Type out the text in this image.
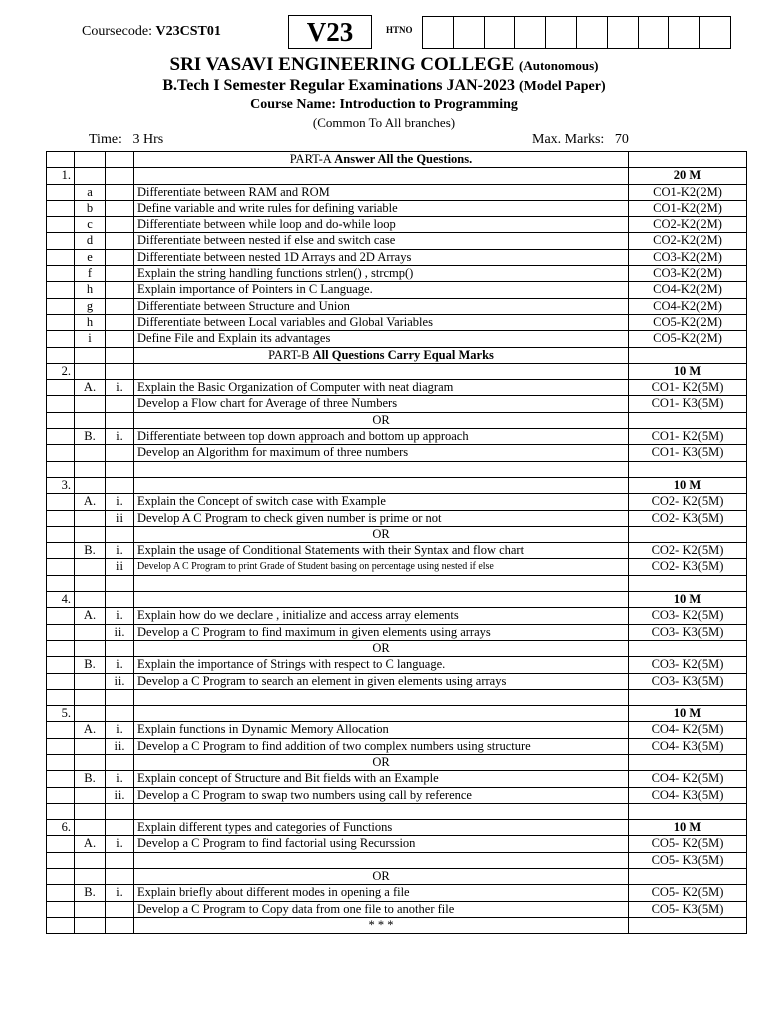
Coursecode: V23CST01	V23	HTNO
SRI VASAVI ENGINEERING COLLEGE (Autonomous)
B.Tech I Semester Regular Examinations JAN-2023 (Model Paper)
Course Name: Introduction to Programming
(Common To All branches)
Time: 3 Hrs	Max. Marks: 70
			PART-A Answer All the Questions.	
1.				20 M
	a		Differentiate between RAM and ROM	CO1-K2(2M)
	b		Define variable and write rules for defining variable	CO1-K2(2M)
	c		Differentiate between while loop and do-while loop	CO2-K2(2M)
	d		Differentiate between nested if else and switch case	CO2-K2(2M)
	e		Differentiate between nested 1D Arrays and 2D Arrays	CO3-K2(2M)
	f		Explain the string handling functions strlen() , strcmp()	CO3-K2(2M)
	h		Explain importance of Pointers in C Language.	CO4-K2(2M)
	g		Differentiate between Structure and Union	CO4-K2(2M)
	h		Differentiate between Local variables and Global Variables	CO5-K2(2M)
	i		Define File and Explain its advantages	CO5-K2(2M)
			PART-B All Questions Carry Equal Marks	
2.				10 M
	A.	i.	Explain the Basic Organization of Computer with neat diagram	CO1- K2(5M)
			Develop a Flow chart for Average of three Numbers	CO1- K3(5M)
			OR	
	B.	i.	Differentiate between top down approach and bottom up approach	CO1- K2(5M)
			Develop an Algorithm for maximum of three numbers	CO1- K3(5M)

3.				10 M
	A.	i.	Explain the Concept of switch case with Example	CO2- K2(5M)
		ii	Develop A C Program to check given number is prime or not	CO2- K3(5M)
			OR	
	B.	i.	Explain the usage of Conditional Statements with their Syntax and flow chart	CO2- K2(5M)
		ii	Develop A C Program to print Grade of Student basing on percentage using nested if else	CO2- K3(5M)

4.				10 M
	A.	i.	Explain how do we declare , initialize and access array elements	CO3- K2(5M)
		ii.	Develop a C Program to find maximum in given elements using arrays	CO3- K3(5M)
			OR	
	B.	i.	Explain the importance of Strings with respect to C language.	CO3- K2(5M)
		ii.	Develop a C Program to search an element in given elements using arrays	CO3- K3(5M)

5.				10 M
	A.	i.	Explain functions in Dynamic Memory Allocation	CO4- K2(5M)
		ii.	Develop a C Program to find addition of two complex numbers using structure	CO4- K3(5M)
			OR	
	B.	i.	Explain concept of Structure and Bit fields with an Example	CO4- K2(5M)
		ii.	Develop a C Program to swap two numbers using call by reference	CO4- K3(5M)

6.			Explain different types and categories of Functions	10 M
	A.	i.	Develop a C Program to find factorial using Recurssion	CO5- K2(5M)
				CO5- K3(5M)
			OR	
	B.	i.	Explain briefly about different modes in opening a file	CO5- K2(5M)
			Develop a C Program to Copy data from one file to another file	CO5- K3(5M)
			* * *	
